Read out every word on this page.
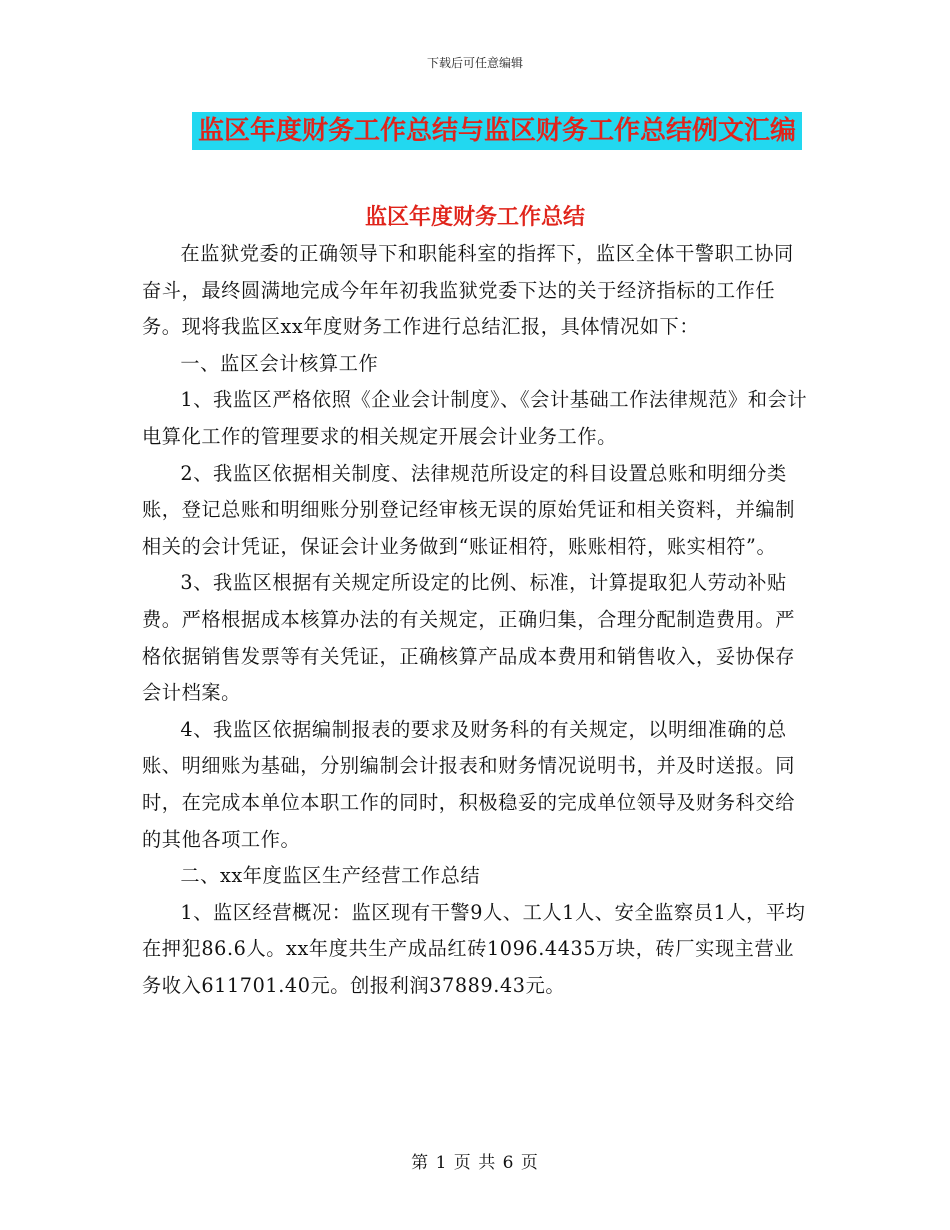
下载后可任意编辑
监区年度财务工作总结与监区财务工作总结例文汇编
监区年度财务工作总结

在监狱党委的正确领导下和职能科室的指挥下，监区全体干警职工协同奋斗，最终圆满地完成今年年初我监狱党委下达的关于经济指标的工作任务。现将我监区xx年度财务工作进行总结汇报，具体情况如下：

一、监区会计核算工作

1、我监区严格依照《企业会计制度》、《会计基础工作法律规范》和会计电算化工作的管理要求的相关规定开展会计业务工作。

2、我监区依据相关制度、法律规范所设定的科目设置总账和明细分类账，登记总账和明细账分别登记经审核无误的原始凭证和相关资料，并编制相关的会计凭证，保证会计业务做到“账证相符，账账相符，账实相符”。

3、我监区根据有关规定所设定的比例、标准，计算提取犯人劳动补贴费。严格根据成本核算办法的有关规定，正确归集，合理分配制造费用。严格依据销售发票等有关凭证，正确核算产品成本费用和销售收入，妥协保存会计档案。

4、我监区依据编制报表的要求及财务科的有关规定，以明细准确的总账、明细账为基础，分别编制会计报表和财务情况说明书，并及时送报。同时，在完成本单位本职工作的同时，积极稳妥的完成单位领导及财务科交给的其他各项工作。

二、xx年度监区生产经营工作总结

1、监区经营概况：监区现有干警9人、工人1人、安全监察员1人，平均在押犯86.6人。xx年度共生产成品红砖1096.4435万块，砖厂实现主营业务收入611701.40元。创报利润37889.43元。

第 1 页 共 6 页
